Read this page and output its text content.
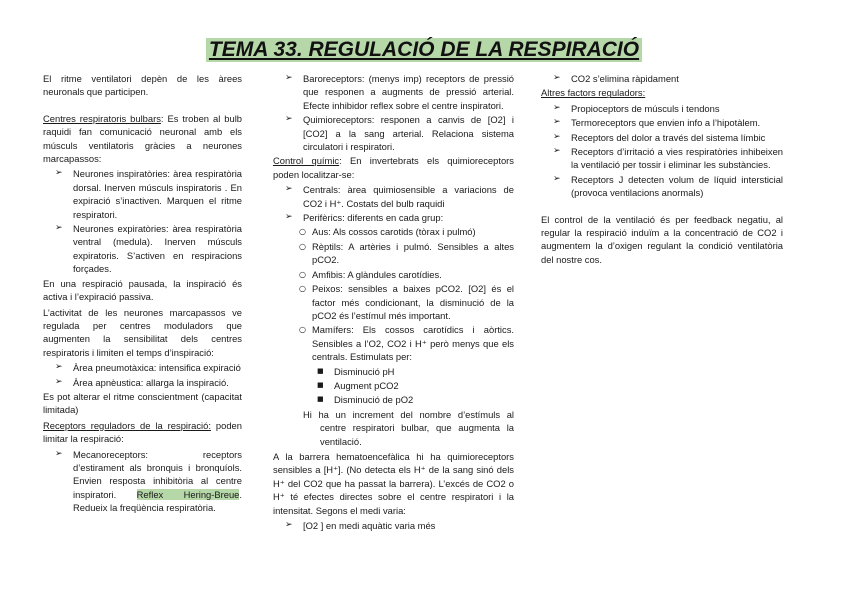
TEMA 33. REGULACIÓ DE LA RESPIRACIÓ

El ritme ventilatori depèn de les àrees neuronals que participen.

Centres respiratoris bulbars: Es troben al bulb raquidi fan comunicació neuronal amb els músculs ventilatoris gràcies a neurones marcapassos:

➢ Neurones inspiratòries: àrea respiratòria dorsal. Inerven músculs inspiratoris . En expiració s’inactiven. Marquen el ritme respiratori.
➢ Neurones expiratòries: àrea respiratòria ventral (medula). Inerven músculs expiratoris. S’activen en respiracions forçades.

En una respiració pausada, la inspiració és activa i l’expiració passiva.

L’activitat de les neurones marcapassos ve regulada per centres moduladors que augmenten la sensibilitat dels centres respiratoris i limiten el temps d’inspiració:

➢ Àrea pneumotàxica: intensifica expiració
➢ Àrea apnèustica: allarga la inspiració.

Es pot alterar el ritme conscientment (capacitat limitada)

Receptors reguladors de la respiració: poden limitar la respiració:

➢ Mecanoreceptors: receptors d’estirament als bronquis i bronquíols. Envien resposta inhibitòria al centre inspiratori. Reflex Hering-Breue. Redueix la freqüència respiratòria.
➢ Baroreceptors: (menys imp) receptors de pressió que responen a augments de pressió arterial. Efecte inhibidor reflex sobre el centre inspiratori.
➢ Quimioreceptors: responen a canvis de [O2] i [CO2] a la sang arterial. Relaciona sistema circulatori i respiratori.

Control químic: En invertebrats els quimioreceptors poden localitzar-se:

➢ Centrals: àrea quimiosensible a variacions de CO2 i H⁺. Costats del bulb raquidi
➢ Perifèrics: diferents en cada grup:
○ Aus: Als cossos carotids (tòrax i pulmó)
○ Rèptils: A artèries i pulmó. Sensibles a altes pCO2.
○ Amfibis: A glàndules carotídies.
○ Peixos: sensibles a baixes pCO2. [O2] és el factor més condicionant, la disminució de la pCO2 és l’estímul més important.
○ Mamífers: Els cossos carotídics i aòrtics. Sensibles a l’O2, CO2 i H⁺ però menys que els centrals. Estimulats per:
■ Disminució pH
■ Augment pCO2
■ Disminució de pO2

Hi ha un increment del nombre d’estímuls al centre respiratori bulbar, que augmenta la ventilació.

A la barrera hematoencefàlica hi ha quimioreceptors sensibles a [H⁺]. (No detecta els H⁺ de la sang sinó dels H⁺ del CO2 que ha passat la barrera). L’excés de CO2 o H⁺ té efectes directes sobre el centre respiratori i la intensitat. Segons el medi varia:

➢ [O2 ] en medi aquàtic varia més
➢ CO2 s’elimina ràpidament

Altres factors reguladors:

➢ Propioceptors de músculs i tendons
➢ Termoreceptors que envien info a l’hipotàlem.
➢ Receptors del dolor a través del sistema límbic
➢ Receptors d’irritació a vies respiratòries inhibeixen la ventilació per tossir i eliminar les substàncies.
➢ Receptors J detecten volum de líquid intersticial (provoca ventilacions anormals)

El control de la ventilació és per feedback negatiu, al regular la respiració induïm a la concentració de CO2 i augmentem la d’oxigen regulant la condició ventilatòria del nostre cos.
